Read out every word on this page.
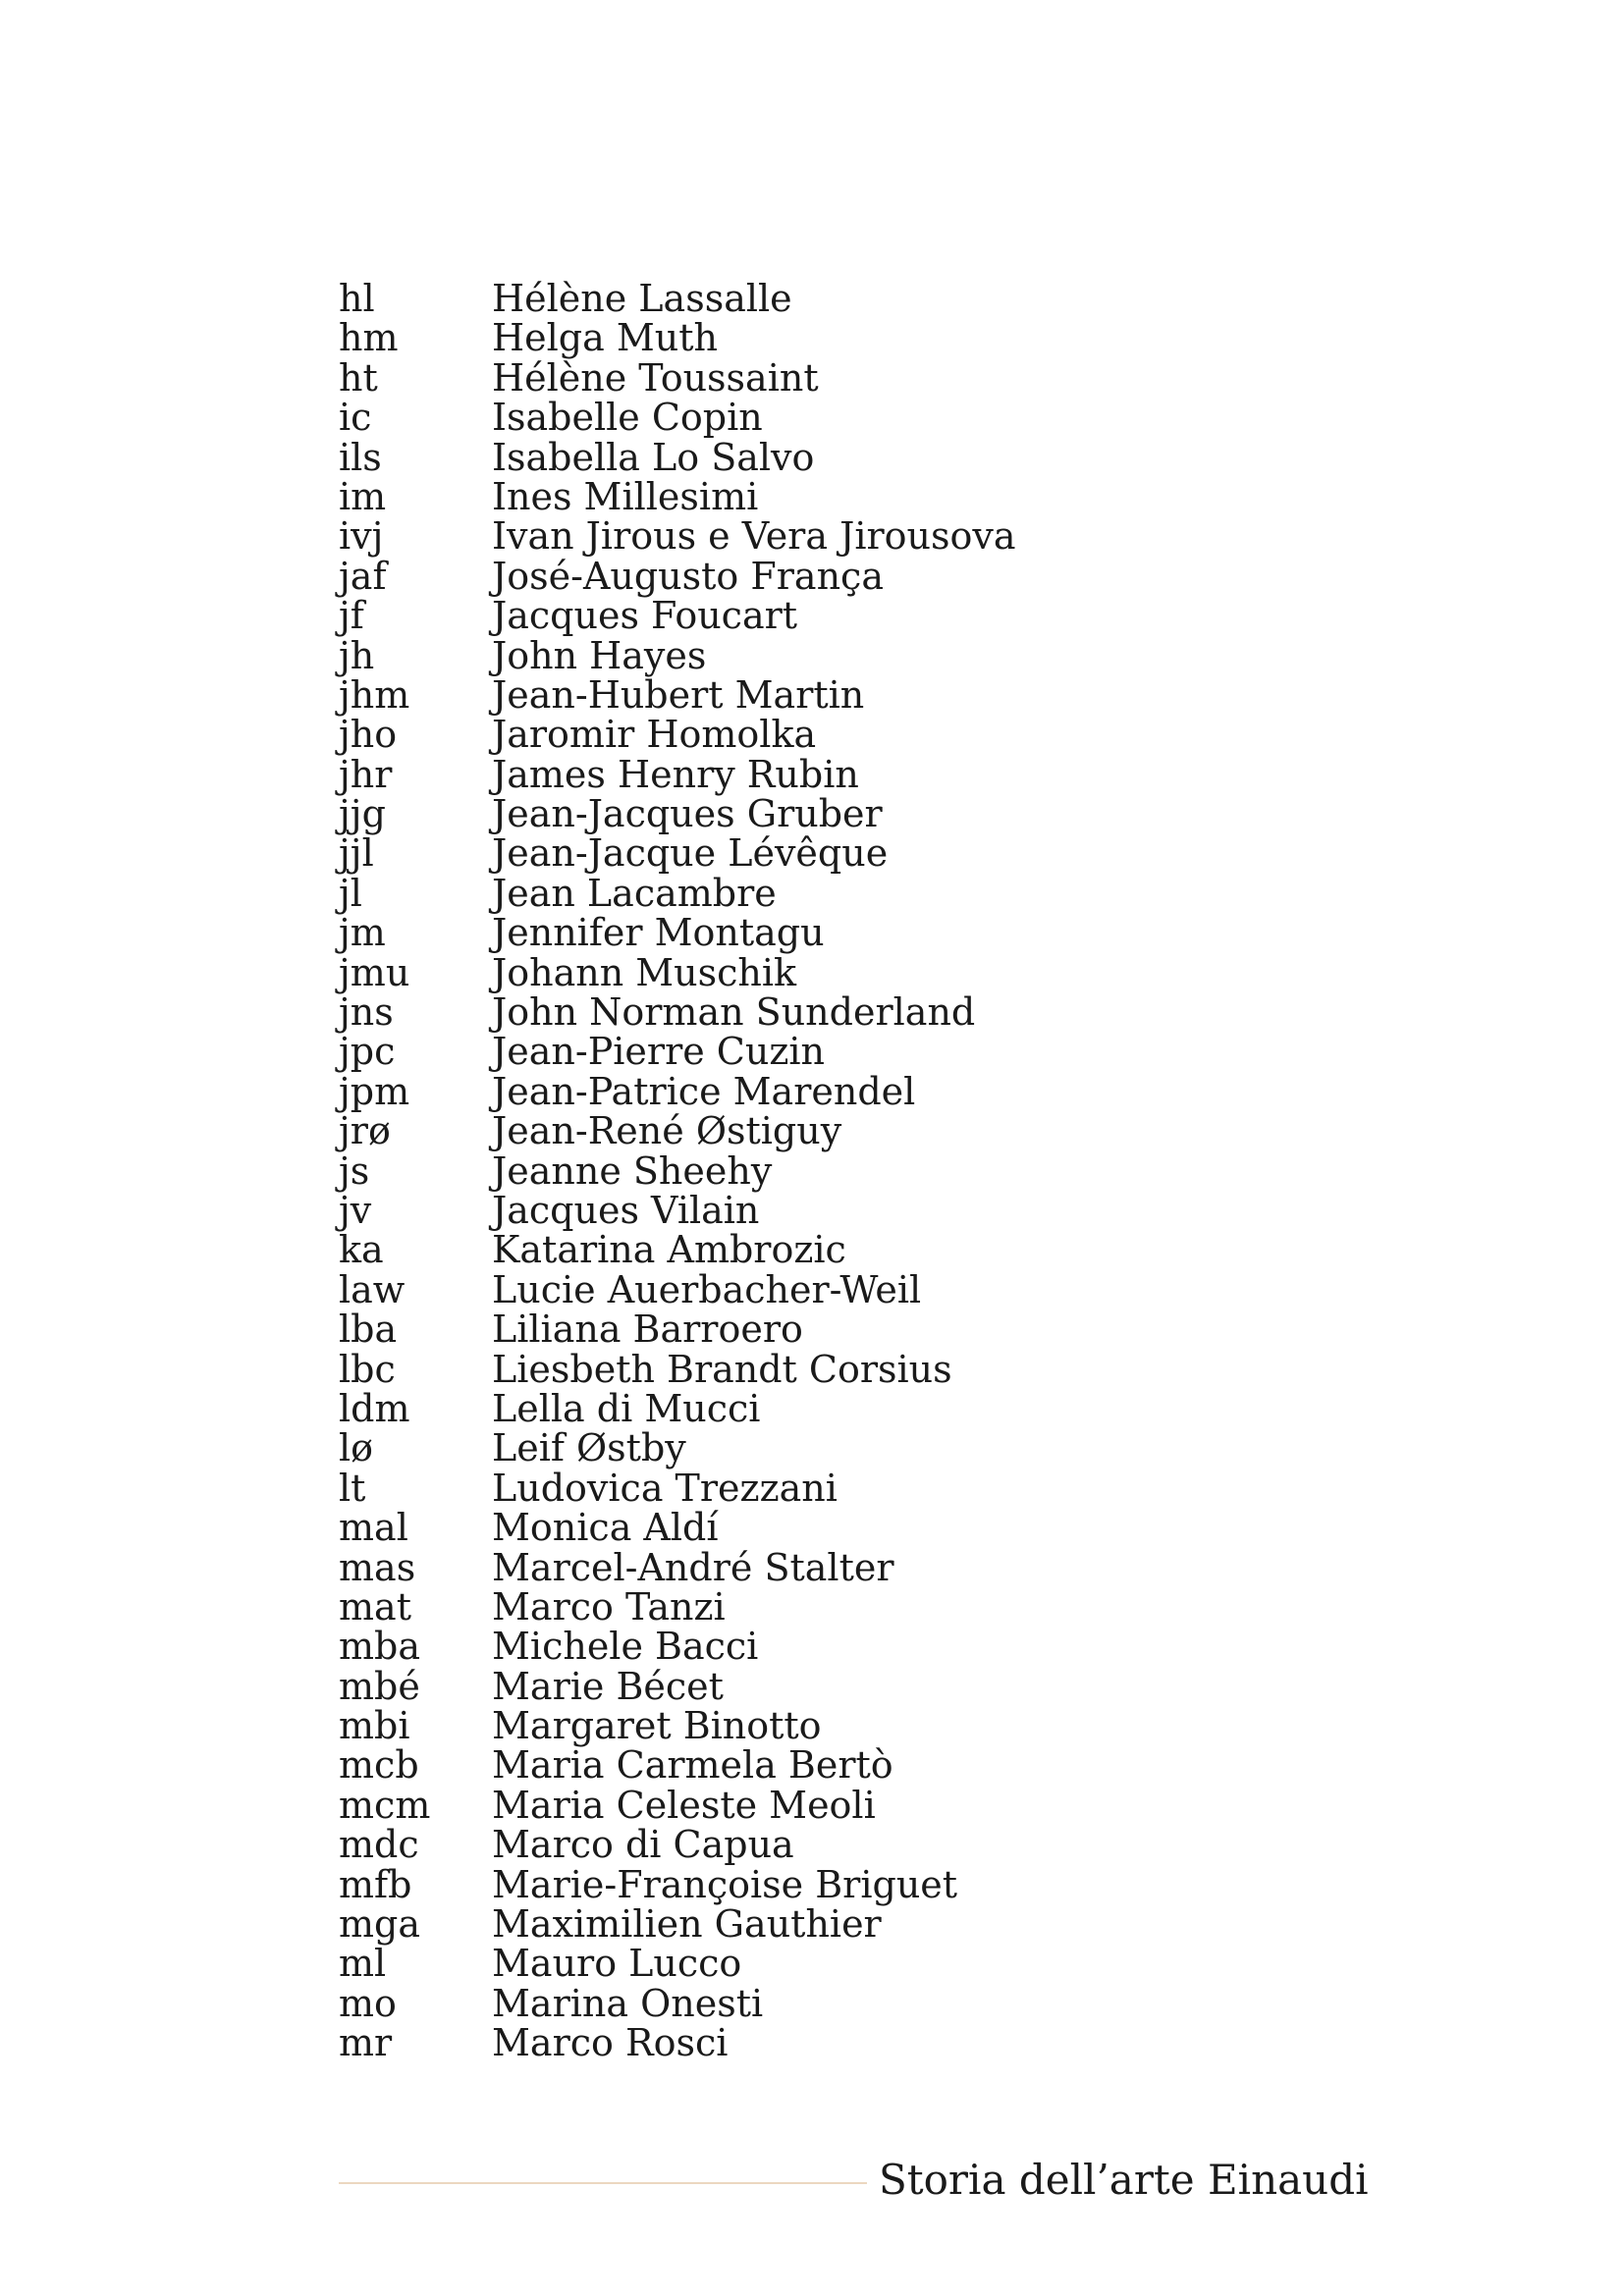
hl	Hélène Lassalle
hm	Helga Muth
ht	Hélène Toussaint
ic	Isabelle Copin
ils	Isabella Lo Salvo
im	Ines Millesimi
ivj	Ivan Jirous e Vera Jirousova
jaf	José-Augusto França
jf	Jacques Foucart
jh	John Hayes
jhm	Jean-Hubert Martin
jho	Jaromir Homolka
jhr	James Henry Rubin
jjg	Jean-Jacques Gruber
jjl	Jean-Jacque Lévêque
jl	Jean Lacambre
jm	Jennifer Montagu
jmu	Johann Muschik
jns	John Norman Sunderland
jpc	Jean-Pierre Cuzin
jpm	Jean-Patrice Marendel
jrø	Jean-René Østiguy
js	Jeanne Sheehy
jv	Jacques Vilain
ka	Katarina Ambrozic
law	Lucie Auerbacher-Weil
lba	Liliana Barroero
lbc	Liesbeth Brandt Corsius
ldm	Lella di Mucci
lø	Leif Østby
lt	Ludovica Trezzani
mal	Monica Aldí
mas	Marcel-André Stalter
mat	Marco Tanzi
mba	Michele Bacci
mbé	Marie Bécet
mbi	Margaret Binotto
mcb	Maria Carmela Bertò
mcm	Maria Celeste Meoli
mdc	Marco di Capua
mfb	Marie-Françoise Briguet
mga	Maximilien Gauthier
ml	Mauro Lucco
mo	Marina Onesti
mr	Marco Rosci
Storia dell’arte Einaudi
